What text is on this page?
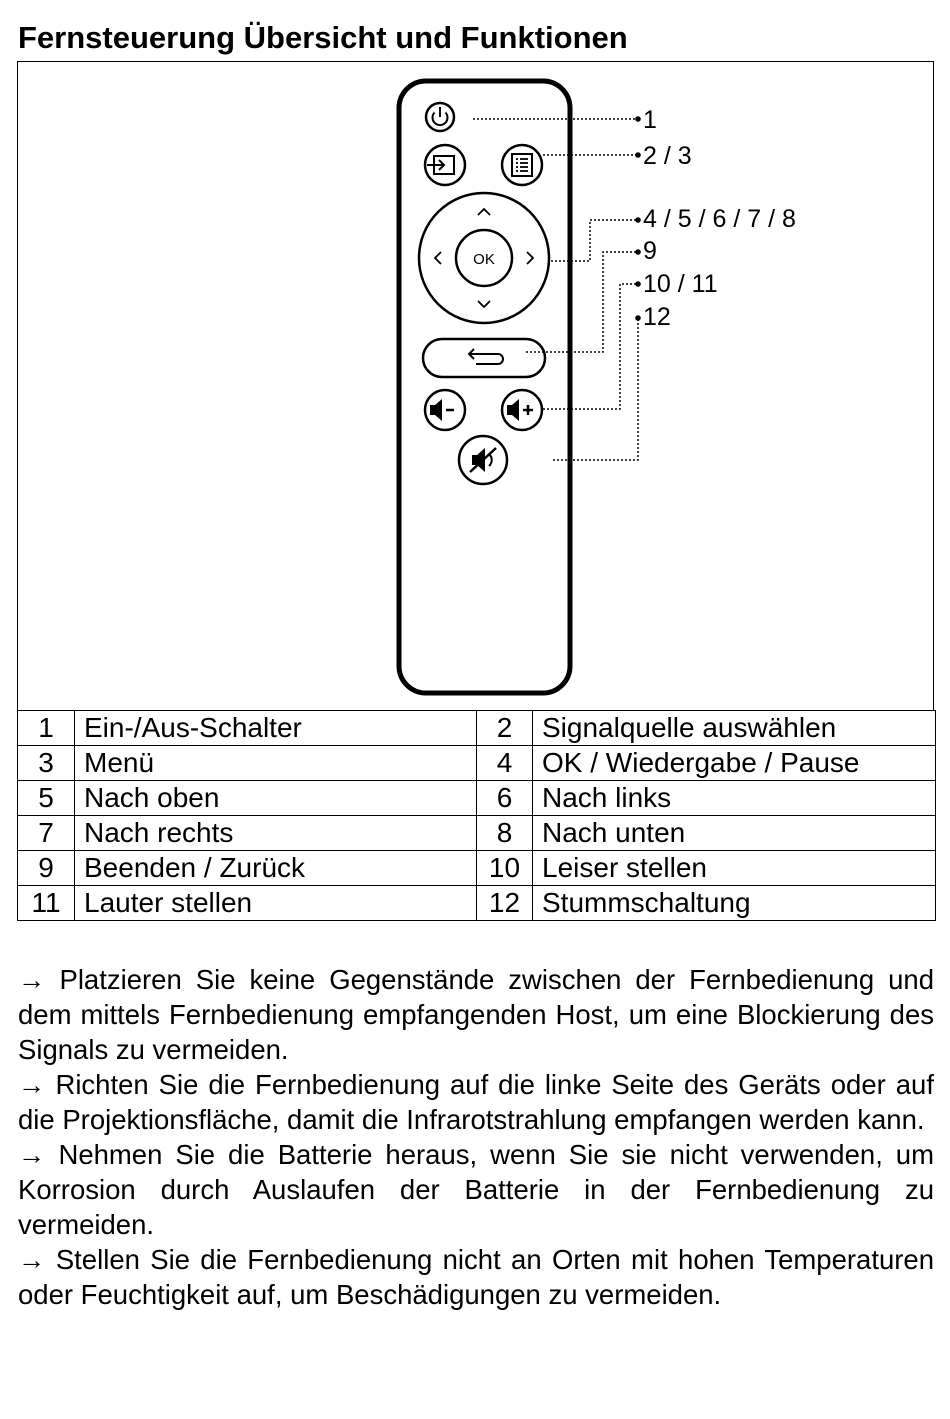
Fernsteuerung Übersicht und Funktionen
OK
1
2 / 3
4 / 5 / 6 / 7 / 8
9
10 / 11
12
1	Ein-/Aus-Schalter	2	Signalquelle auswählen
3	Menü	4	OK / Wiedergabe / Pause
5	Nach oben	6	Nach links
7	Nach rechts	8	Nach unten
9	Beenden / Zurück	10	Leiser stellen
11	Lauter stellen	12	Stummschaltung

→ Platzieren Sie keine Gegenstände zwischen der Fernbedienung und dem mittels Fernbedienung empfangenden Host, um eine Blockierung des Signals zu vermeiden.

→ Richten Sie die Fernbedienung auf die linke Seite des Geräts oder auf die Projektionsfläche, damit die Infrarotstrahlung empfangen werden kann.

→ Nehmen Sie die Batterie heraus, wenn Sie sie nicht verwenden, um Korrosion durch Auslaufen der Batterie in der Fernbedienung zu vermeiden.

→ Stellen Sie die Fernbedienung nicht an Orten mit hohen Temperaturen oder Feuchtigkeit auf, um Beschädigungen zu vermeiden.
